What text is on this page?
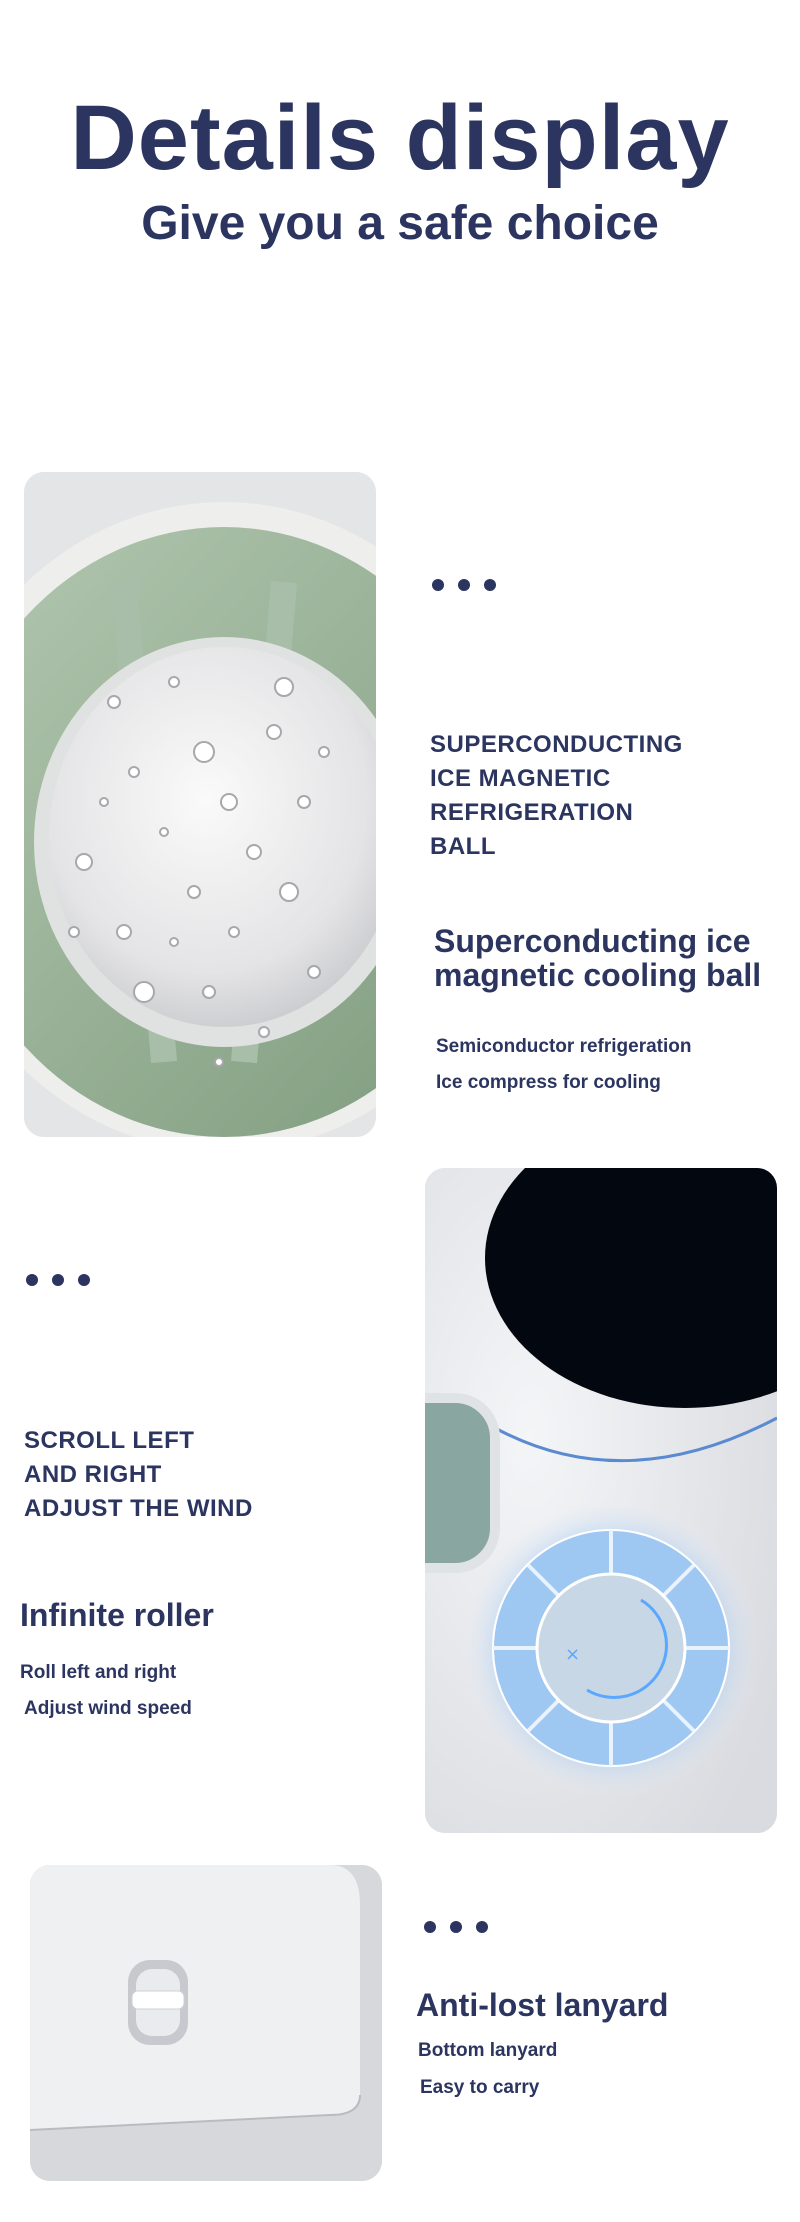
Details display
Give you a safe choice
SUPERCONDUCTING
ICE MAGNETIC
REFRIGERATION
BALL
Superconducting ice
magnetic cooling ball
Semiconductor refrigeration
Ice compress for cooling
SCROLL LEFT
AND RIGHT
ADJUST THE WIND
Infinite roller
Roll left and right
Adjust wind speed
×
Anti-lost lanyard
Bottom lanyard
Easy to carry
